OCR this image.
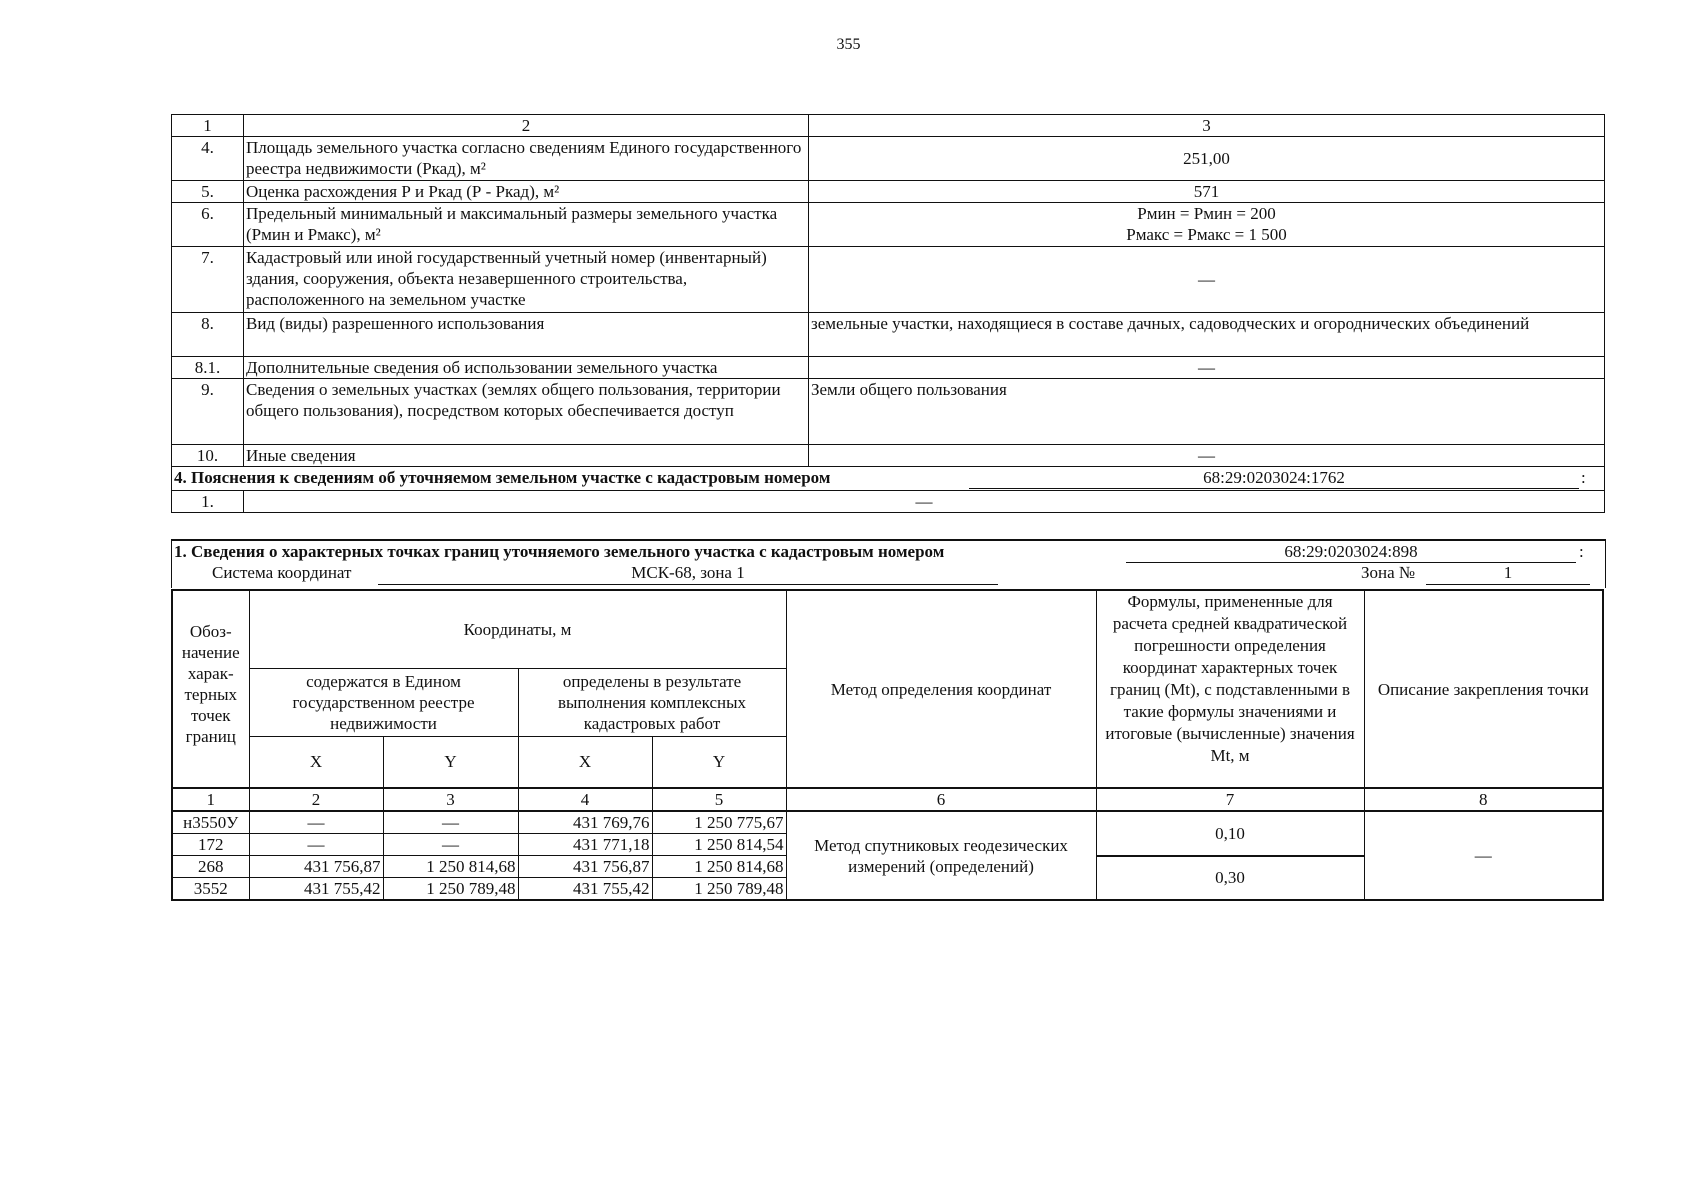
355
1	2	3
4.	Площадь земельного участка согласно сведениям Единого государственного реестра недвижимости (Ркад), м²	251,00
5.	Оценка расхождения Р и Ркад (Р - Ркад), м²	571
6.	Предельный минимальный и максимальный размеры земельного участка (Рмин и Рмакс), м²	Рмин = Рмин = 200
Рмакс = Рмакс = 1 500

7.	Кадастровый или иной государственный учетный номер (инвентарный) здания, сооружения, объекта незавершенного строительства, расположенного на земельном участке	—
8.	Вид (виды) разрешенного использования	земельные участки, находящиеся в составе дачных, садоводческих и огороднических объединений
8.1.	Дополнительные сведения об использовании земельного участка	—
9.	Сведения о земельных участках (землях общего пользования, территории общего пользования), посредством которых обеспечивается доступ	Земли общего пользования
10.	Иные сведения	—
4. Пояснения к сведениям об уточняемом земельном участке с кадастровым номером 68:29:0203024:1762 :		

1.	—	
1. Сведения о характерных точках границ уточняемого земельного участка с кадастровым номером	68:29:0203024:898	:
Система координат	МСК-68, зона 1	Зона №	1
Обоз-начение харак-терных точек границ	Координаты, м				Метод определения координат	Формулы, примененные для расчета средней квадратической погрешности определения координат характерных точек границ (Mt), с подставленными в такие формулы значениями и итоговые (вычисленные) значения Mt, м	Описание закрепления точки
	содержатся в Едином государственном реестре недвижимости		определены в результате выполнения комплексных кадастровых работ				
	X	Y	X	Y			
1	2	3	4	5	6	7	8
н3550У	—	—	431 769,76	1 250 775,67	Метод спутниковых геодезических измерений (определений)	0,10	—
172	—	—	431 771,18	1 250 814,54			
268	431 756,87	1 250 814,68	431 756,87	1 250 814,68		0,30	
3552	431 755,42	1 250 789,48	431 755,42	1 250 789,48			
